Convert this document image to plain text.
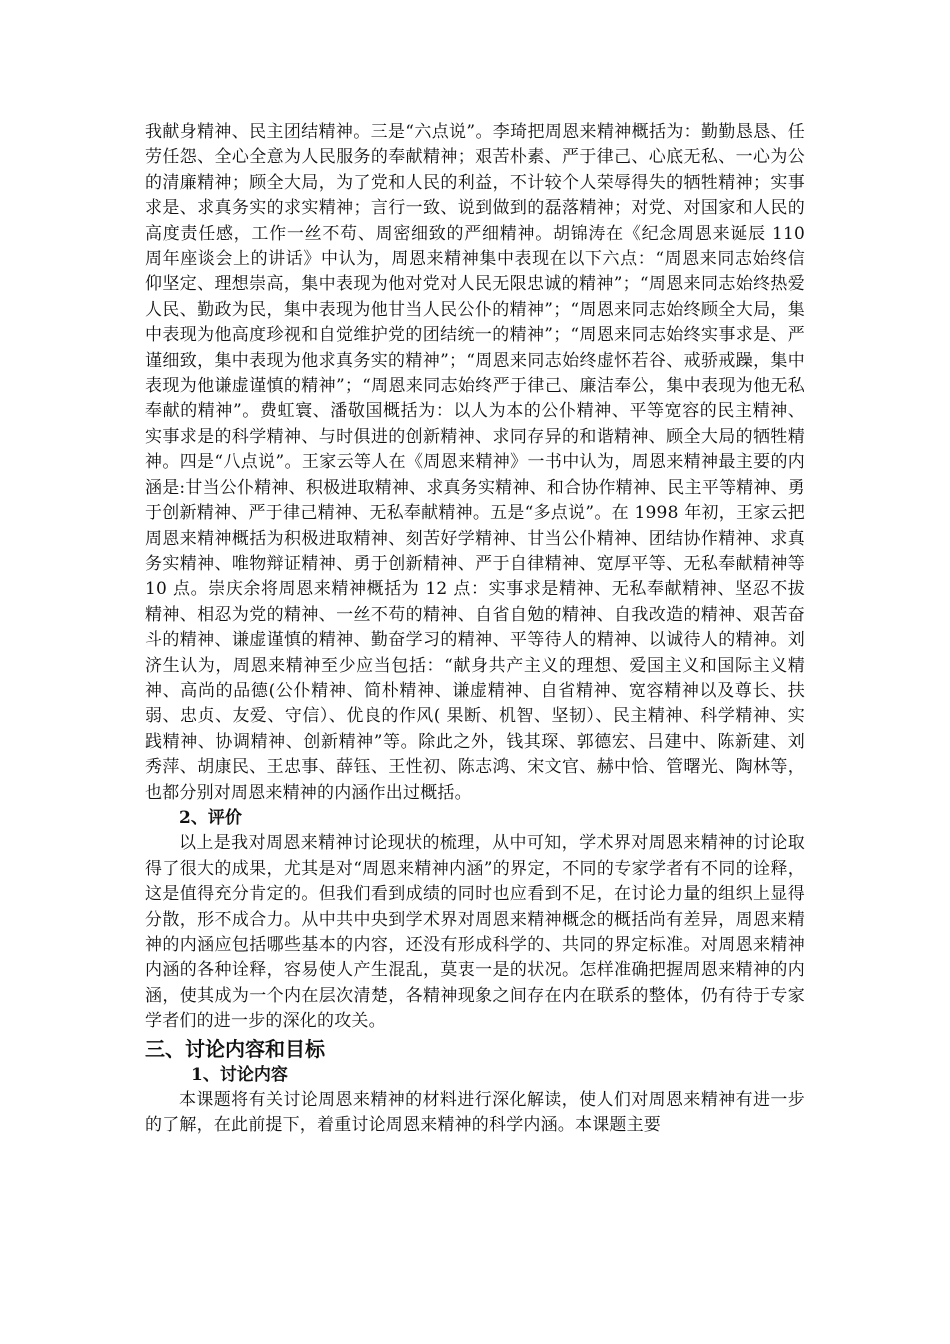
我献身精神、民主团结精神。三是“六点说”。李琦把周恩来精神概括为：勤勤恳恳、任劳任怨、全心全意为人民服务的奉献精神；艰苦朴素、严于律己、心底无私、一心为公的清廉精神；顾全大局，为了党和人民的利益，不计较个人荣辱得失的牺牲精神；实事求是、求真务实的求实精神；言行一致、说到做到的磊落精神；对党、对国家和人民的高度责任感，工作一丝不苟、周密细致的严细精神。胡锦涛在《纪念周恩来诞辰 110 周年座谈会上的讲话》中认为，周恩来精神集中表现在以下六点：“周恩来同志始终信仰坚定、理想崇高，集中表现为他对党对人民无限忠诚的精神”；“周恩来同志始终热爱人民、勤政为民，集中表现为他甘当人民公仆的精神”；“周恩来同志始终顾全大局，集中表现为他高度珍视和自觉维护党的团结统一的精神”；“周恩来同志始终实事求是、严谨细致，集中表现为他求真务实的精神”；“周恩来同志始终虚怀若谷、戒骄戒躁，集中表现为他谦虚谨慎的精神”；“周恩来同志始终严于律己、廉洁奉公，集中表现为他无私奉献的精神”。费虹寰、潘敬国概括为：以人为本的公仆精神、平等宽容的民主精神、实事求是的科学精神、与时俱进的创新精神、求同存异的和谐精神、顾全大局的牺牲精神。四是“八点说”。王家云等人在《周恩来精神》一书中认为，周恩来精神最主要的内涵是:甘当公仆精神、积极进取精神、求真务实精神、和合协作精神、民主平等精神、勇于创新精神、严于律己精神、无私奉献精神。五是“多点说”。在 1998 年初，王家云把周恩来精神概括为积极进取精神、刻苦好学精神、甘当公仆精神、团结协作精神、求真务实精神、唯物辩证精神、勇于创新精神、严于自律精神、宽厚平等、无私奉献精神等 10 点。崇庆余将周恩来精神概括为 12 点：实事求是精神、无私奉献精神、坚忍不拔精神、相忍为党的精神、一丝不苟的精神、自省自勉的精神、自我改造的精神、艰苦奋斗的精神、谦虚谨慎的精神、勤奋学习的精神、平等待人的精神、以诚待人的精神。刘济生认为，周恩来精神至少应当包括：“献身共产主义的理想、爱国主义和国际主义精神、高尚的品德(公仆精神、简朴精神、谦虚精神、自省精神、宽容精神以及尊长、扶弱、忠贞、友爱、守信）、优良的作风( 果断、机智、坚韧）、民主精神、科学精神、实践精神、协调精神、创新精神”等。除此之外，钱其琛、郭德宏、吕建中、陈新建、刘秀萍、胡康民、王忠事、薛钰、王性初、陈志鸿、宋文官、赫中恰、管曙光、陶林等，也都分别对周恩来精神的内涵作出过概括。

2、评价

以上是我对周恩来精神讨论现状的梳理，从中可知，学术界对周恩来精神的讨论取得了很大的成果，尤其是对“周恩来精神内涵”的界定，不同的专家学者有不同的诠释，这是值得充分肯定的。但我们看到成绩的同时也应看到不足，在讨论力量的组织上显得分散，形不成合力。从中共中央到学术界对周恩来精神概念的概括尚有差异，周恩来精神的内涵应包括哪些基本的内容，还没有形成科学的、共同的界定标准。对周恩来精神内涵的各种诠释，容易使人产生混乱，莫衷一是的状况。怎样准确把握周恩来精神的内涵，使其成为一个内在层次清楚，各精神现象之间存在内在联系的整体，仍有待于专家学者们的进一步的深化的攻关。

三、讨论内容和目标

1、讨论内容

本课题将有关讨论周恩来精神的材料进行深化解读，使人们对周恩来精神有进一步的了解，在此前提下，着重讨论周恩来精神的科学内涵。本课题主要
